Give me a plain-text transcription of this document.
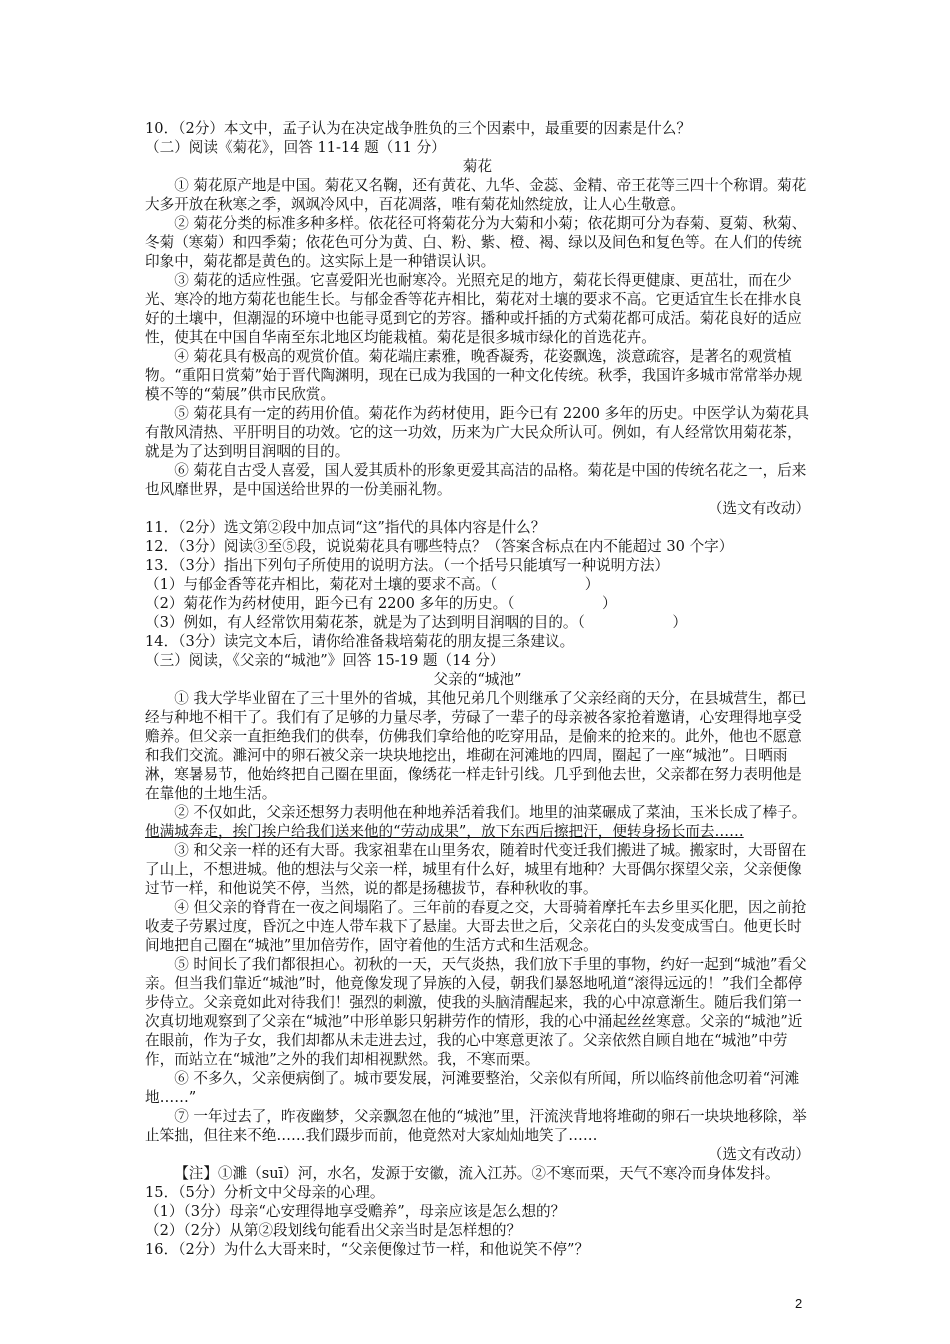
10．（2分）本文中，孟子认为在决定战争胜负的三个因素中，最重要的因素是什么？

（二）阅读《菊花》，回答 11-14 题（11 分）

菊花

① 菊花原产地是中国。菊花又名鞠，还有黄花、九华、金蕊、金精、帝王花等三四十个称谓。菊花大多开放在秋寒之季，飒飒冷风中，百花凋落，唯有菊花灿然绽放，让人心生敬意。

② 菊花分类的标准多种多样。依花径可将菊花分为大菊和小菊；依花期可分为春菊、夏菊、秋菊、冬菊（寒菊）和四季菊；依花色可分为黄、白、粉、紫、橙、褐、绿以及间色和复色等。在人们的传统印象中，菊花都是黄色的。这实际上是一种错误认识。

③ 菊花的适应性强。它喜爱阳光也耐寒冷。光照充足的地方，菊花长得更健康、更茁壮，而在少光、寒冷的地方菊花也能生长。与郁金香等花卉相比，菊花对土壤的要求不高。它更适宜生长在排水良好的土壤中，但潮湿的环境中也能寻觅到它的芳容。播种或扦插的方式菊花都可成活。菊花良好的适应性，使其在中国自华南至东北地区均能栽植。菊花是很多城市绿化的首选花卉。

④ 菊花具有极高的观赏价值。菊花端庄素雅，晚香凝秀，花姿飘逸，淡意疏容，是著名的观赏植物。“重阳日赏菊”始于晋代陶渊明，现在已成为我国的一种文化传统。秋季，我国许多城市常常举办规模不等的“菊展”供市民欣赏。

⑤ 菊花具有一定的药用价值。菊花作为药材使用，距今已有 2200 多年的历史。中医学认为菊花具有散风清热、平肝明目的功效。它的这一功效，历来为广大民众所认可。例如，有人经常饮用菊花茶，就是为了达到明目润咽的目的。

⑥ 菊花自古受人喜爱，国人爱其质朴的形象更爱其高洁的品格。菊花是中国的传统名花之一，后来也风靡世界，是中国送给世界的一份美丽礼物。

（选文有改动）

11．（2分）选文第②段中加点词“这”指代的具体内容是什么？

12．（3分）阅读③至⑤段，说说菊花具有哪些特点？（答案含标点在内不能超过 30 个字）

13．（3分）指出下列句子所使用的说明方法。（一个括号只能填写一种说明方法）

（1）与郁金香等花卉相比，菊花对土壤的要求不高。（　　　　　　）

（2）菊花作为药材使用，距今已有 2200 多年的历史。（　　　　　　）

（3）例如，有人经常饮用菊花茶，就是为了达到明目润咽的目的。（　　　　　　）

14．（3分）读完文本后，请你给准备栽培菊花的朋友提三条建议。

（三）阅读，《父亲的“城池”》回答 15-19 题（14 分）

父亲的“城池”

① 我大学毕业留在了三十里外的省城，其他兄弟几个则继承了父亲经商的天分，在县城营生，都已经与种地不相干了。我们有了足够的力量尽孝，劳碌了一辈子的母亲被各家抢着邀请，心安理得地享受赡养。但父亲一直拒绝我们的供奉，仿佛我们拿给他的吃穿用品，是偷来的抢来的。此外，他也不愿意和我们交流。濉河中的卵石被父亲一块块地挖出，堆砌在河滩地的四周，圈起了一座“城池”。日晒雨淋，寒暑易节，他始终把自己圈在里面，像绣花一样走针引线。几乎到他去世，父亲都在努力表明他是在靠他的土地生活。

② 不仅如此，父亲还想努力表明他在种地养活着我们。地里的油菜碾成了菜油，玉米长成了棒子。

他满城奔走，挨门挨户给我们送来他的“劳动成果”，放下东西后擦把汗，便转身扬长而去……

③ 和父亲一样的还有大哥。我家祖辈在山里务农，随着时代变迁我们搬进了城。搬家时，大哥留在了山上，不想进城。他的想法与父亲一样，城里有什么好，城里有地种？大哥偶尔探望父亲，父亲便像过节一样，和他说笑不停，当然，说的都是扬穗拔节，春种秋收的事。

④ 但父亲的脊背在一夜之间塌陷了。三年前的春夏之交，大哥骑着摩托车去乡里买化肥，因之前抢收麦子劳累过度，昏沉之中连人带车栽下了悬崖。大哥去世之后，父亲花白的头发变成雪白。他更长时间地把自己圈在“城池”里加倍劳作，固守着他的生活方式和生活观念。

⑤ 时间长了我们都很担心。初秋的一天，天气炎热，我们放下手里的事物，约好一起到“城池”看父亲。但当我们靠近“城池”时，他竟像发现了异族的入侵，朝我们暴怒地吼道“滚得远远的！”我们全都停步侍立。父亲竟如此对待我们！强烈的刺激，使我的头脑清醒起来，我的心中凉意渐生。随后我们第一次真切地观察到了父亲在“城池”中形单影只躬耕劳作的情形，我的心中涌起丝丝寒意。父亲的“城池”近在眼前，作为子女，我们却都从未走进去过，我的心中寒意更浓了。父亲依然自顾自地在“城池”中劳作，而站立在“城池”之外的我们却相视默然。我，不寒而栗。

⑥ 不多久，父亲便病倒了。城市要发展，河滩要整治，父亲似有所闻，所以临终前他念叨着“河滩地……”

⑦ 一年过去了，昨夜幽梦，父亲飘忽在他的“城池”里，汗流浃背地将堆砌的卵石一块块地移除，举止笨拙，但往来不绝……我们蹑步而前，他竟然对大家灿灿地笑了……

（选文有改动）

【注】①濉（suī）河，水名，发源于安徽，流入江苏。②不寒而栗，天气不寒冷而身体发抖。

15．（5分）分析文中父母亲的心理。

（1）（3分）母亲“心安理得地享受赡养”，母亲应该是怎么想的？

（2）（2分）从第②段划线句能看出父亲当时是怎样想的？

16．（2分）为什么大哥来时，“父亲便像过节一样，和他说笑不停”？

2
